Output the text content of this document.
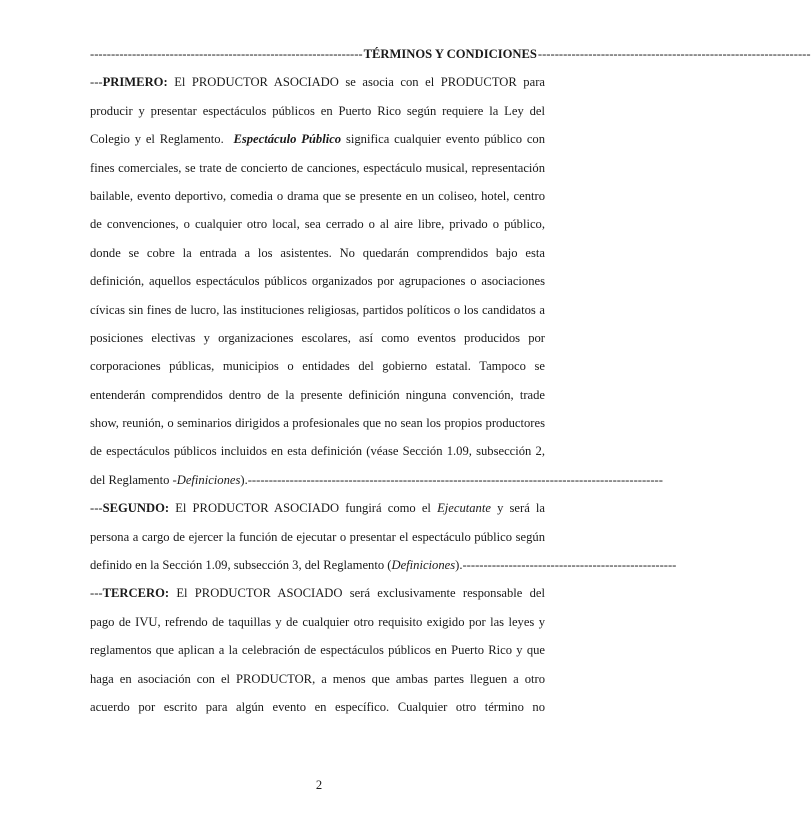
----------------------------------------------------------------- TÉRMINOS Y CONDICIONES -----------------------------------------------------------------
---PRIMERO: El PRODUCTOR ASOCIADO se asocia con el PRODUCTOR para
producir y presentar espectáculos públicos en Puerto Rico según requiere la Ley del
Colegio y el Reglamento. Espectáculo Público significa cualquier evento público con
fines comerciales, se trate de concierto de canciones, espectáculo musical, representación
bailable, evento deportivo, comedia o drama que se presente en un coliseo, hotel, centro
de convenciones, o cualquier otro local, sea cerrado o al aire libre, privado o público,
donde se cobre la entrada a los asistentes. No quedarán comprendidos bajo esta
definición, aquellos espectáculos públicos organizados por agrupaciones o asociaciones
cívicas sin fines de lucro, las instituciones religiosas, partidos políticos o los candidatos a
posiciones electivas y organizaciones escolares, así como eventos producidos por
corporaciones públicas, municipios o entidades del gobierno estatal. Tampoco se
entenderán comprendidos dentro de la presente definición ninguna convención, trade
show, reunión, o seminarios dirigidos a profesionales que no sean los propios productores
de espectáculos públicos incluidos en esta definición (véase Sección 1.09, subsección 2,
del Reglamento - Definiciones ). ---------------------------------------------------------------------------------------------------
---SEGUNDO: El PRODUCTOR ASOCIADO fungirá como el Ejecutante y será la
persona a cargo de ejercer la función de ejecutar o presentar el espectáculo público según
definido en la Sección 1.09, subsección 3, del Reglamento ( Definiciones ). ---------------------------------------------------
---TERCERO: El PRODUCTOR ASOCIADO será exclusivamente responsable del
pago de IVU, refrendo de taquillas y de cualquier otro requisito exigido por las leyes y
reglamentos que aplican a la celebración de espectáculos públicos en Puerto Rico y que
haga en asociación con el PRODUCTOR, a menos que ambas partes lleguen a otro
acuerdo por escrito para algún evento en específico. Cualquier otro término no
2
